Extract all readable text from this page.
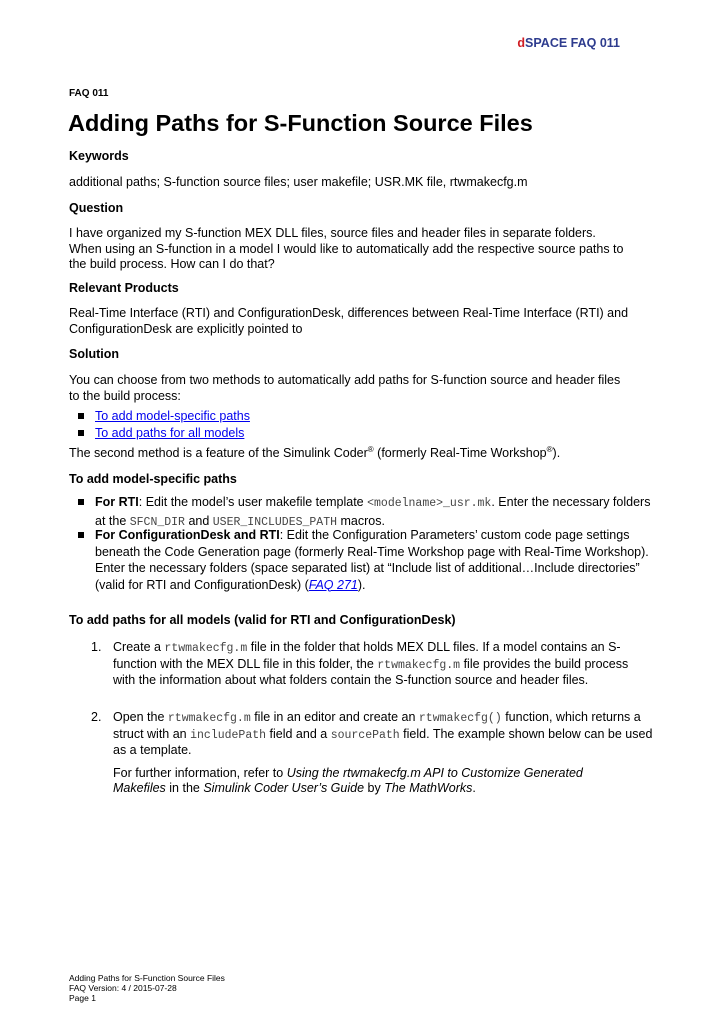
dSPACE FAQ 011
FAQ 011
Adding Paths for S-Function Source Files
Keywords
additional paths; S-function source files; user makefile; USR.MK file, rtwmakecfg.m
Question
I have organized my S-function MEX DLL files, source files and header files in separate folders. When using an S-function in a model I would like to automatically add the respective source paths to the build process. How can I do that?
Relevant Products
Real-Time Interface (RTI) and ConfigurationDesk, differences between Real-Time Interface (RTI) and ConfigurationDesk are explicitly pointed to
Solution
You can choose from two methods to automatically add paths for S-function source and header files to the build process:
To add model-specific paths
To add paths for all models
The second method is a feature of the Simulink Coder® (formerly Real-Time Workshop®).
To add model-specific paths
For RTI: Edit the model’s user makefile template <modelname>_usr.mk. Enter the necessary folders at the SFCN_DIR and USER_INCLUDES_PATH macros.
For ConfigurationDesk and RTI: Edit the Configuration Parameters’ custom code page settings beneath the Code Generation page (formerly Real-Time Workshop page with Real-Time Workshop). Enter the necessary folders (space separated list) at “Include list of additional…Include directories” (valid for RTI and ConfigurationDesk) (FAQ 271).
To add paths for all models (valid for RTI and ConfigurationDesk)
1. Create a rtwmakecfg.m file in the folder that holds MEX DLL files. If a model contains an S-function with the MEX DLL file in this folder, the rtwmakecfg.m file provides the build process with the information about what folders contain the S-function source and header files.
2. Open the rtwmakecfg.m file in an editor and create an rtwmakecfg() function, which returns a struct with an includePath field and a sourcePath field. The example shown below can be used as a template.
For further information, refer to Using the rtwmakecfg.m API to Customize Generated Makefiles in the Simulink Coder User’s Guide by The MathWorks.
Adding Paths for S-Function Source Files
FAQ Version: 4 / 2015-07-28
Page 1
